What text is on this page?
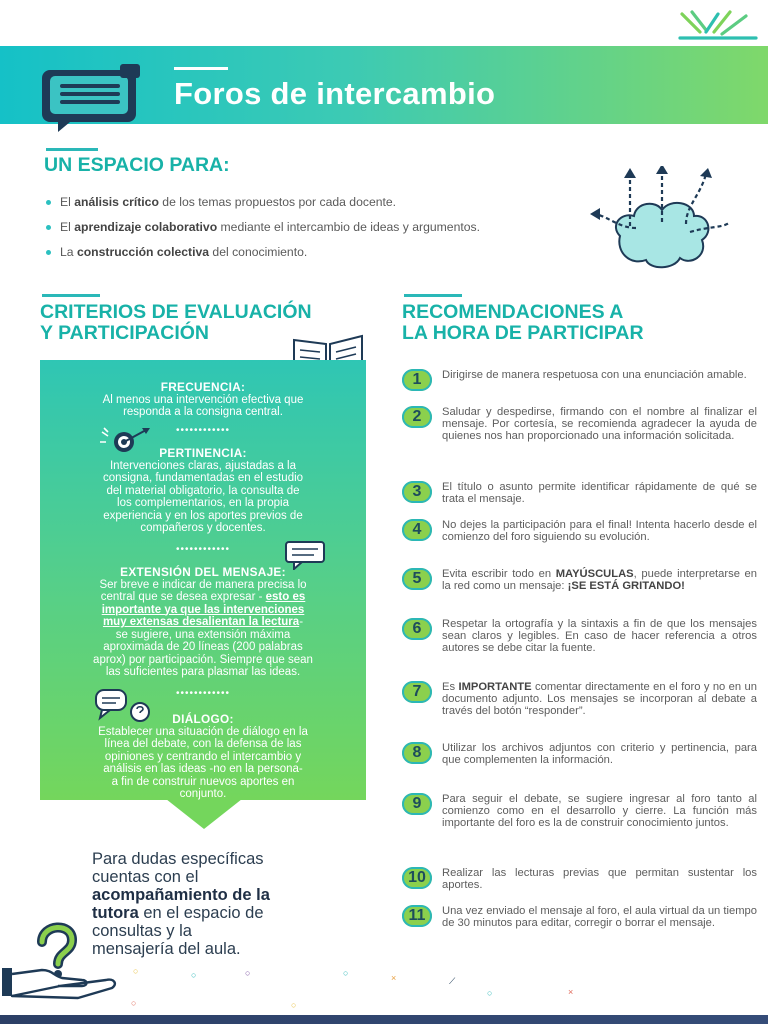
Foros de intercambio
UN ESPACIO PARA:
El análisis crítico de los temas propuestos por cada docente.
El aprendizaje colaborativo mediante el intercambio de ideas y argumentos.
La construcción colectiva del conocimiento.
CRITERIOS DE EVALUACIÓN
Y PARTICIPACIÓN
FRECUENCIA:
Al menos una intervención efectiva que
responda a la consigna central.
••••••••••••
PERTINENCIA:
Intervenciones claras, ajustadas a la
consigna, fundamentadas en el estudio
del material obligatorio, la consulta de
los complementarios, en la propia
experiencia y en los aportes previos de
compañeros y docentes.
••••••••••••
EXTENSIÓN DEL MENSAJE:
Ser breve e indicar de manera precisa lo
central que se desea expresar - esto es
importante ya que las intervenciones
muy extensas desalientan la lectura-
se sugiere, una extensión máxima
aproximada de 20 líneas (200 palabras
aprox) por participación. Siempre que sean
las suficientes para plasmar las ideas.
••••••••••••
DIÁLOGO:
Establecer una situación de diálogo en la
línea del debate, con la defensa de las
opiniones y centrando el intercambio y
análisis en las ideas -no en la persona-
a fin de construir nuevos aportes en
conjunto.
RECOMENDACIONES A
LA HORA DE PARTICIPAR
1	Dirigirse de manera respetuosa con una enunciación amable.
2	Saludar y despedirse, firmando con el nombre al finalizar el mensaje. Por cortesía, se recomienda agradecer la ayuda de quienes nos han proporcionado una información solicitada.
3	El título o asunto permite identificar rápidamente de qué se trata el mensaje.
4	No dejes la participación para el final! Intenta hacerlo desde el comienzo del foro siguiendo su evolución.
5	Evita escribir todo en MAYÚSCULAS, puede interpretarse en la red como un mensaje: ¡SE ESTÁ GRITANDO!
6	Respetar la ortografía y la sintaxis a fin de que los mensajes sean claros y legibles. En caso de hacer referencia a otros autores se debe citar la fuente.
7	Es IMPORTANTE comentar directamente en el foro y no en un documento adjunto. Los mensajes se incorporan al debate a través del botón “responder”.
8	Utilizar los archivos adjuntos con criterio y pertinencia, para que complementen la información.
9	Para seguir el debate, se sugiere ingresar al foro tanto al comienzo como en el desarrollo y cierre. La función más importante del foro es la de construir conocimiento juntos.
10	Realizar las lecturas previas que permitan sustentar los aportes.
11	Una vez enviado el mensaje al foro, el aula virtual da un tiempo de 30 minutos para editar, corregir o borrar el mensaje.
Para dudas específicas
cuentas con el
acompañamiento de la
tutora en el espacio de
consultas y la
mensajería del aula.
○	○	○
○	○
○	×
○	×
⟋
